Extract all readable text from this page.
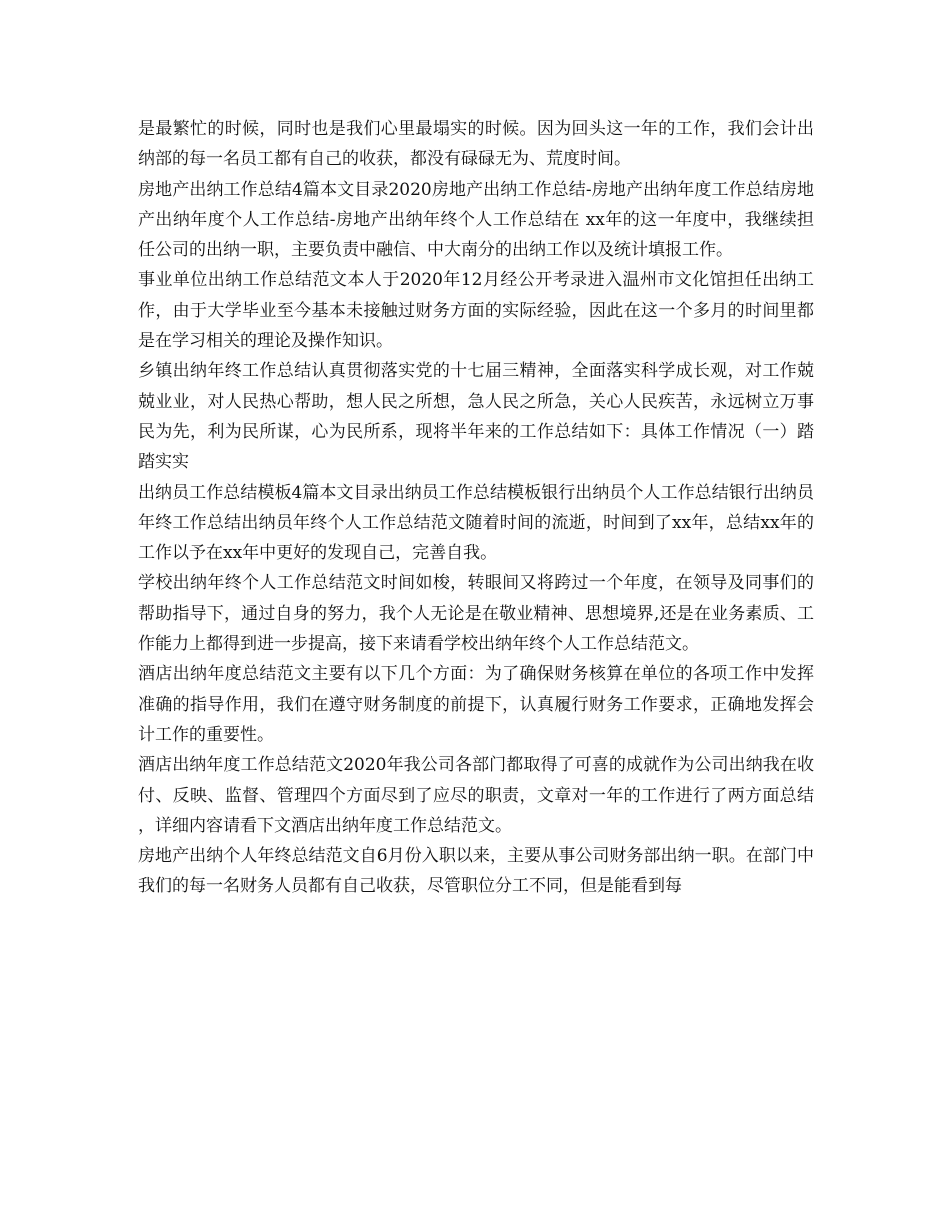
是最繁忙的时候，同时也是我们心里最塌实的时候。因为回头这一年的工作，我们会计出纳部的每一名员工都有自己的收获，都没有碌碌无为、荒度时间。

房地产出纳工作总结4篇本文目录2020房地产出纳工作总结-房地产出纳年度工作总结房地产出纳年度个人工作总结-房地产出纳年终个人工作总结在 xx年的这一年度中，我继续担任公司的出纳一职，主要负责中融信、中大南分的出纳工作以及统计填报工作。

事业单位出纳工作总结范文本人于2020年12月经公开考录进入温州市文化馆担任出纳工作，由于大学毕业至今基本未接触过财务方面的实际经验，因此在这一个多月的时间里都是在学习相关的理论及操作知识。

乡镇出纳年终工作总结认真贯彻落实党的十七届三精神，全面落实科学成长观，对工作兢兢业业，对人民热心帮助，想人民之所想，急人民之所急，关心人民疾苦，永远树立万事民为先，利为民所谋，心为民所系，现将半年来的工作总结如下：具体工作情况（一）踏踏实实

出纳员工作总结模板4篇本文目录出纳员工作总结模板银行出纳员个人工作总结银行出纳员年终工作总结出纳员年终个人工作总结范文随着时间的流逝，时间到了xx年，总结xx年的工作以予在xx年中更好的发现自己，完善自我。

学校出纳年终个人工作总结范文时间如梭，转眼间又将跨过一个年度，在领导及同事们的帮助指导下，通过自身的努力，我个人无论是在敬业精神、思想境界,还是在业务素质、工作能力上都得到进一步提高，接下来请看学校出纳年终个人工作总结范文。

酒店出纳年度总结范文主要有以下几个方面：为了确保财务核算在单位的各项工作中发挥准确的指导作用，我们在遵守财务制度的前提下，认真履行财务工作要求，正确地发挥会计工作的重要性。

酒店出纳年度工作总结范文2020年我公司各部门都取得了可喜的成就作为公司出纳我在收付、反映、监督、管理四个方面尽到了应尽的职责，文章对一年的工作进行了两方面总结，详细内容请看下文酒店出纳年度工作总结范文。

房地产出纳个人年终总结范文自6月份入职以来，主要从事公司财务部出纳一职。在部门中我们的每一名财务人员都有自己收获，尽管职位分工不同，但是能看到每
